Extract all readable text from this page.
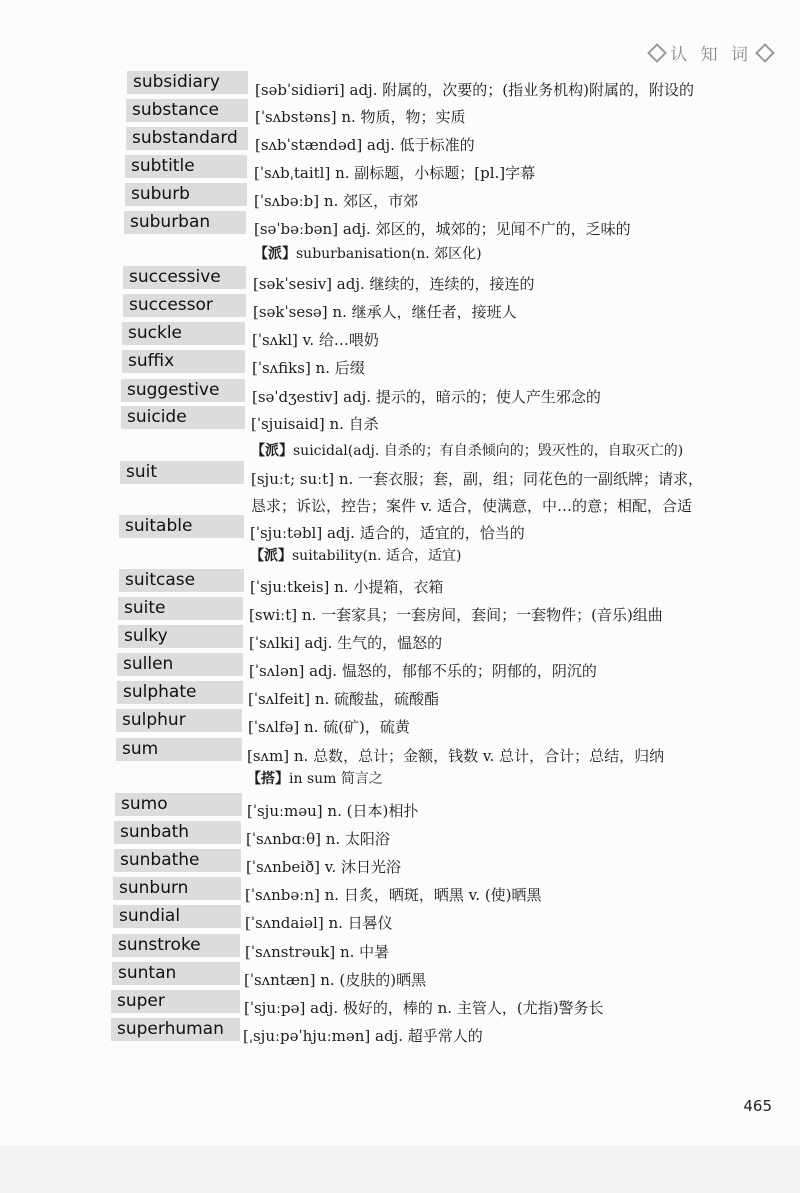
认 知 词
subsidiary	[səbˈsidiəri] adj. 附属的，次要的；(指业务机构)附属的，附设的
substance	[ˈsʌbstəns] n. 物质，物；实质
substandard	[sʌbˈstændəd] adj. 低于标准的
subtitle	[ˈsʌbˌtaitl] n. 副标题，小标题；[pl.]字幕
suburb	[ˈsʌbəːb] n. 郊区，市郊
suburban	[səˈbəːbən] adj. 郊区的，城郊的；见闻不广的，乏味的
【派】suburbanisation(n. 郊区化)
successive	[səkˈsesiv] adj. 继续的，连续的，接连的
successor	[səkˈsesə] n. 继承人，继任者，接班人
suckle	[ˈsʌkl] v. 给…喂奶
suffix	[ˈsʌfiks] n. 后缀
suggestive	[səˈdʒestiv] adj. 提示的，暗示的；使人产生邪念的
suicide	[ˈsjuisaid] n. 自杀
【派】suicidal(adj. 自杀的；有自杀倾向的；毁灭性的，自取灭亡的)
suit	[sjuːt; suːt] n. 一套衣服；套，副，组；同花色的一副纸牌；请求，
恳求；诉讼，控告；案件 v. 适合，使满意，中…的意；相配，合适
suitable	[ˈsjuːtəbl] adj. 适合的，适宜的，恰当的
【派】suitability(n. 适合，适宜)
suitcase	[ˈsjuːtkeis] n. 小提箱，衣箱
suite	[swiːt] n. 一套家具；一套房间，套间；一套物件；(音乐)组曲
sulky	[ˈsʌlki] adj. 生气的，愠怒的
sullen	[ˈsʌlən] adj. 愠怒的，郁郁不乐的；阴郁的，阴沉的
sulphate	[ˈsʌlfeit] n. 硫酸盐，硫酸酯
sulphur	[ˈsʌlfə] n. 硫(矿)，硫黄
sum	[sʌm] n. 总数，总计；金额，钱数 v. 总计，合计；总结，归纳
【搭】in sum 简言之
sumo	[ˈsjuːməu] n. (日本)相扑
sunbath	[ˈsʌnbɑːθ] n. 太阳浴
sunbathe	[ˈsʌnbeið] v. 沐日光浴
sunburn	[ˈsʌnbəːn] n. 日炙，晒斑，晒黑 v. (使)晒黑
sundial	[ˈsʌndaiəl] n. 日晷仪
sunstroke	[ˈsʌnstrəuk] n. 中暑
suntan	[ˈsʌntæn] n. (皮肤的)晒黑
super	[ˈsjuːpə] adj. 极好的，棒的 n. 主管人，(尤指)警务长
superhuman	[ˌsjuːpəˈhjuːmən] adj. 超乎常人的
465
